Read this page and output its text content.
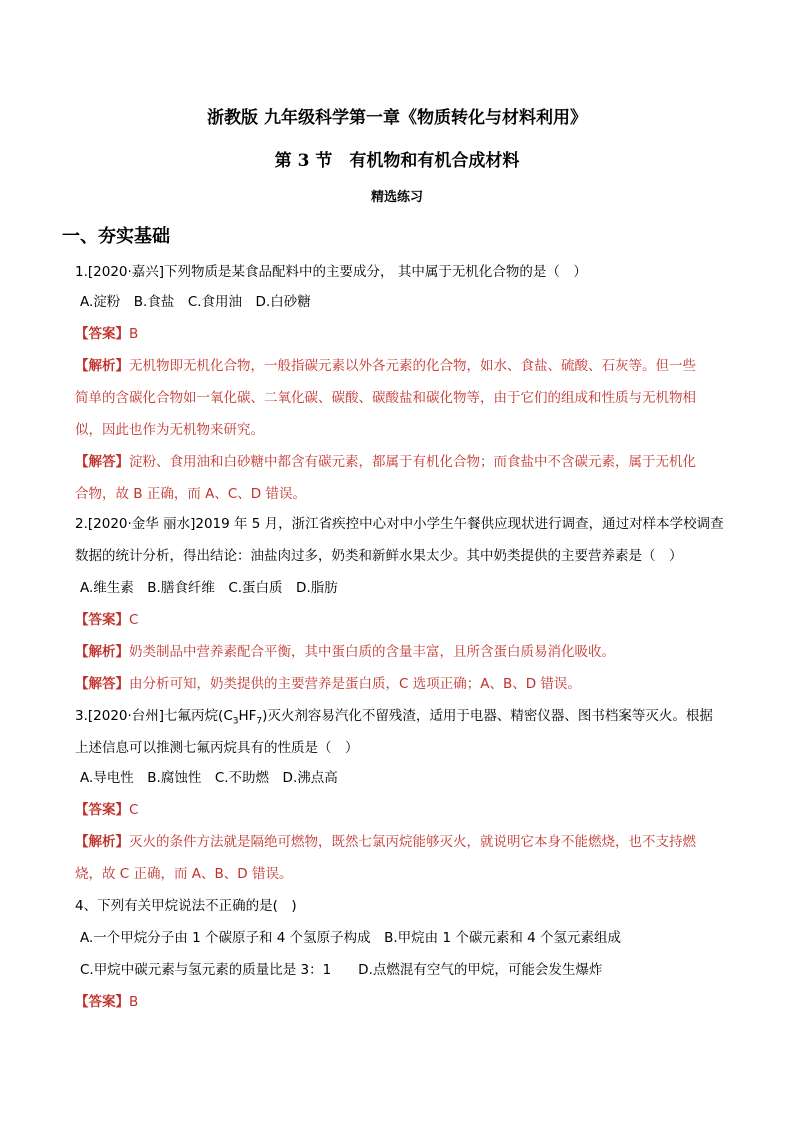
浙教版 九年级科学第一章《物质转化与材料利用》
第 3 节　有机物和有机合成材料
精选练习
一、夯实基础
1.[2020·嘉兴]下列物质是某食品配料中的主要成分， 其中属于无机化合物的是（　）
A.淀粉　B.食盐　C.食用油　D.白砂糖
【答案】B
【解析】无机物即无机化合物，一般指碳元素以外各元素的化合物，如水、食盐、硫酸、石灰等。但一些
简单的含碳化合物如一氧化碳、二氧化碳、碳酸、碳酸盐和碳化物等，由于它们的组成和性质与无机物相
似，因此也作为无机物来研究。
【解答】淀粉、食用油和白砂糖中都含有碳元素，都属于有机化合物；而食盐中不含碳元素，属于无机化
合物，故 B 正确，而 A、C、D 错误。
2.[2020·金华 丽水]2019 年 5 月，浙江省疾控中心对中小学生午餐供应现状进行调查，通过对样本学校调查
数据的统计分析，得出结论：油盐肉过多，奶类和新鲜水果太少。其中奶类提供的主要营养素是（　）
A.维生素　B.膳食纤维　C.蛋白质　D.脂肪
【答案】C
【解析】奶类制品中营养素配合平衡，其中蛋白质的含量丰富，且所含蛋白质易消化吸收。
【解答】由分析可知，奶类提供的主要营养是蛋白质，C 选项正确；A、B、D 错误。
3.[2020·台州]七氟丙烷$(C_3HF_7)$灭火剂容易汽化不留残渣，适用于电器、精密仪器、图书档案等灭火。根据
上述信息可以推测七氟丙烷具有的性质是（　）
A.导电性　B.腐蚀性　C.不助燃　D.沸点高
【答案】C
【解析】灭火的条件方法就是隔绝可燃物，既然七氯丙烷能够灭火，就说明它本身不能燃烧，也不支持燃
烧，故 C 正确，而 A、B、D 错误。
4、下列有关甲烷说法不正确的是(　)
A.一个甲烷分子由 1 个碳原子和 4 个氢原子构成　B.甲烷由 1 个碳元素和 4 个氢元素组成
C.甲烷中碳元素与氢元素的质量比是 3：1　　D.点燃混有空气的甲烷，可能会发生爆炸
【答案】B
